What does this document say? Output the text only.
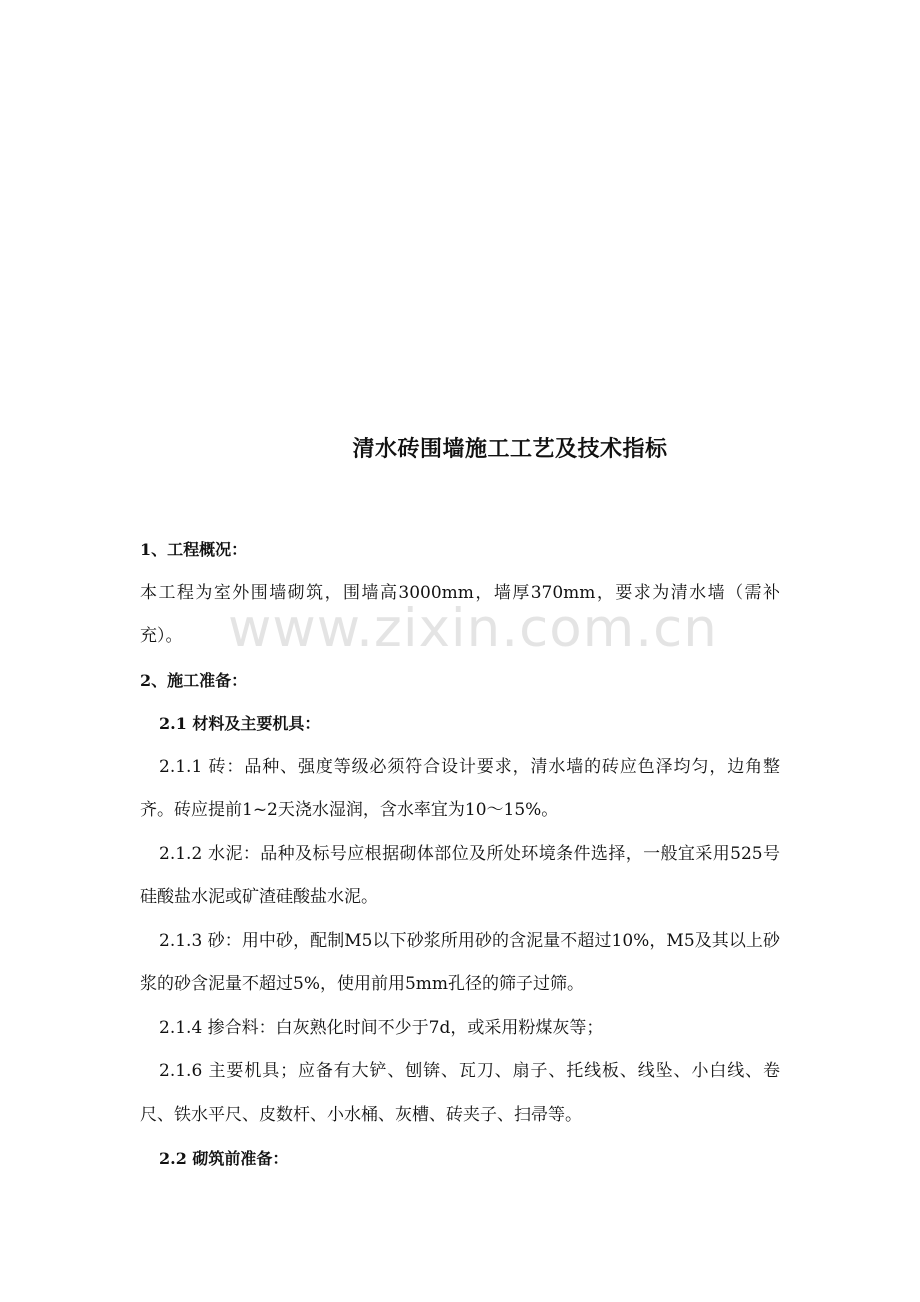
清水砖围墙施工工艺及技术指标

1、工程概况：

本工程为室外围墙砌筑，围墙高3000mm，墙厚370mm，要求为清水墙（需补充）。

2、施工准备：

2.1 材料及主要机具：

2.1.1 砖：品种、强度等级必须符合设计要求，清水墙的砖应色泽均匀，边角整齐。砖应提前1~2天浇水湿润，含水率宜为10～15%。

2.1.2 水泥：品种及标号应根据砌体部位及所处环境条件选择，一般宜采用525号硅酸盐水泥或矿渣硅酸盐水泥。

2.1.3 砂：用中砂，配制M5以下砂浆所用砂的含泥量不超过10%，M5及其以上砂浆的砂含泥量不超过5%，使用前用5mm孔径的筛子过筛。

2.1.4 掺合料：白灰熟化时间不少于7d，或采用粉煤灰等；

2.1.6 主要机具；应备有大铲、刨锛、瓦刀、扇子、托线板、线坠、小白线、卷尺、铁水平尺、皮数杆、小水桶、灰槽、砖夹子、扫帚等。

2.2 砌筑前准备：

www.zixin.com.cn
